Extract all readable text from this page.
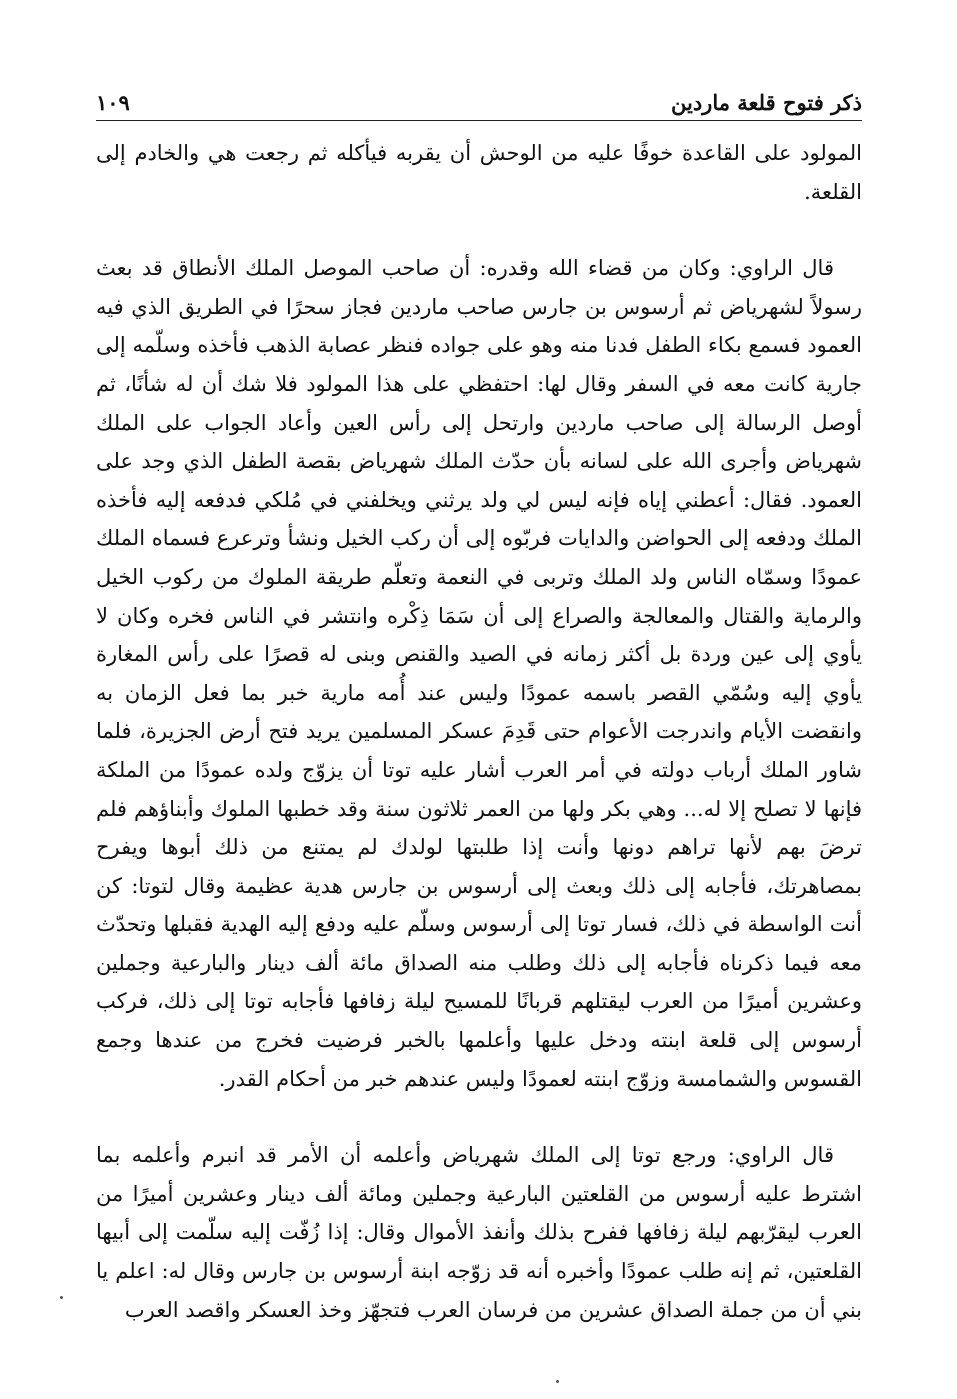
١٠٩	ذكر فتوح قلعة ماردين

المولود على القاعدة خوفًا عليه من الوحش أن يقربه فيأكله ثم رجعت هي والخادم إلى القلعة.

قال الراوي: وكان من قضاء الله وقدره: أن صاحب الموصل الملك الأنطاق قد بعث رسولاً لشهرياض ثم أرسوس بن جارس صاحب ماردين فجاز سحرًا في الطريق الذي فيه العمود فسمع بكاء الطفل فدنا منه وهو على جواده فنظر عصابة الذهب فأخذه وسلّمه إلى جارية كانت معه في السفر وقال لها: احتفظي على هذا المولود فلا شك أن له شأنًا، ثم أوصل الرسالة إلى صاحب ماردين وارتحل إلى رأس العين وأعاد الجواب على الملك شهرياض وأجرى الله على لسانه بأن حدّث الملك شهرياض بقصة الطفل الذي وجد على العمود. فقال: أعطني إياه فإنه ليس لي ولد يرثني ويخلفني في مُلكي فدفعه إليه فأخذه الملك ودفعه إلى الحواضن والدايات فربّوه إلى أن ركب الخيل ونشأ وترعرع فسماه الملك عمودًا وسمّاه الناس ولد الملك وتربى في النعمة وتعلّم طريقة الملوك من ركوب الخيل والرماية والقتال والمعالجة والصراع إلى أن سَمَا ذِكْره وانتشر في الناس فخره وكان لا يأوي إلى عين وردة بل أكثر زمانه في الصيد والقنص وبنى له قصرًا على رأس المغارة يأوي إليه وسُمّي القصر باسمه عمودًا وليس عند أُمه مارية خبر بما فعل الزمان به وانقضت الأيام واندرجت الأعوام حتى قَدِمَ عسكر المسلمين يريد فتح أرض الجزيرة، فلما شاور الملك أرباب دولته في أمر العرب أشار عليه توتا أن يزوّج ولده عمودًا من الملكة فإنها لا تصلح إلا له... وهي بكر ولها من العمر ثلاثون سنة وقد خطبها الملوك وأبناؤهم فلم ترضَ بهم لأنها تراهم دونها وأنت إذا طلبتها لولدك لم يمتنع من ذلك أبوها ويفرح بمصاهرتك، فأجابه إلى ذلك وبعث إلى أرسوس بن جارس هدية عظيمة وقال لتوتا: كن أنت الواسطة في ذلك، فسار توتا إلى أرسوس وسلّم عليه ودفع إليه الهدية فقبلها وتحدّث معه فيما ذكرناه فأجابه إلى ذلك وطلب منه الصداق مائة ألف دينار والبارعية وجملين وعشرين أميرًا من العرب ليقتلهم قربانًا للمسيح ليلة زفافها فأجابه توتا إلى ذلك، فركب أرسوس إلى قلعة ابنته ودخل عليها وأعلمها بالخبر فرضيت فخرج من عندها وجمع القسوس والشمامسة وزوّج ابنته لعمودًا وليس عندهم خبر من أحكام القدر.

قال الراوي: ورجع توتا إلى الملك شهرياض وأعلمه أن الأمر قد انبرم وأعلمه بما اشترط عليه أرسوس من القلعتين البارعية وجملين ومائة ألف دينار وعشرين أميرًا من العرب ليقرّبهم ليلة زفافها ففرح بذلك وأنفذ الأموال وقال: إذا زُفّت إليه سلّمت إلى أبيها القلعتين، ثم إنه طلب عمودًا وأخبره أنه قد زوّجه ابنة أرسوس بن جارس وقال له: اعلم يا بني أن من جملة الصداق عشرين من فرسان العرب فتجهّز وخذ العسكر واقصد العرب
